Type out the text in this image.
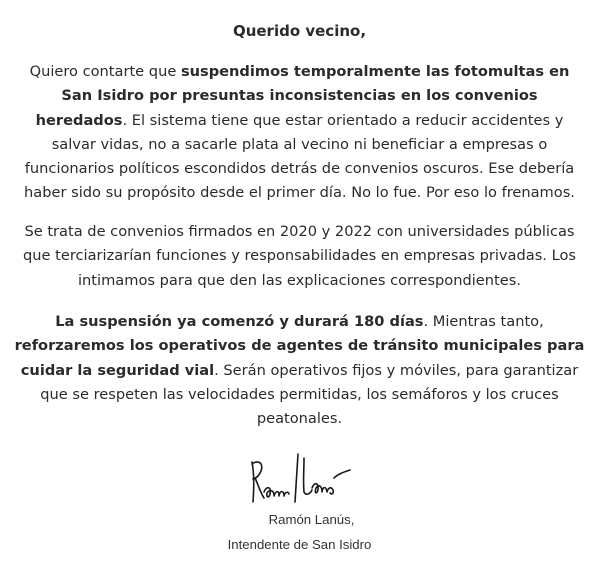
Querido vecino,

Quiero contarte que suspendimos temporalmente las fotomultas en San Isidro por presuntas inconsistencias en los convenios heredados. El sistema tiene que estar orientado a reducir accidentes y salvar vidas, no a sacarle plata al vecino ni beneficiar a empresas o funcionarios políticos escondidos detrás de convenios oscuros. Ese debería haber sido su propósito desde el primer día. No lo fue. Por eso lo frenamos.

Se trata de convenios firmados en 2020 y 2022 con universidades públicas que terciarizarían funciones y responsabilidades en empresas privadas. Los intimamos para que den las explicaciones correspondientes.

La suspensión ya comenzó y durará 180 días. Mientras tanto, reforzaremos los operativos de agentes de tránsito municipales para cuidar la seguridad vial. Serán operativos fijos y móviles, para garantizar que se respeten las velocidades permitidas, los semáforos y los cruces peatonales.

Ramón Lanús,
Intendente de San Isidro
